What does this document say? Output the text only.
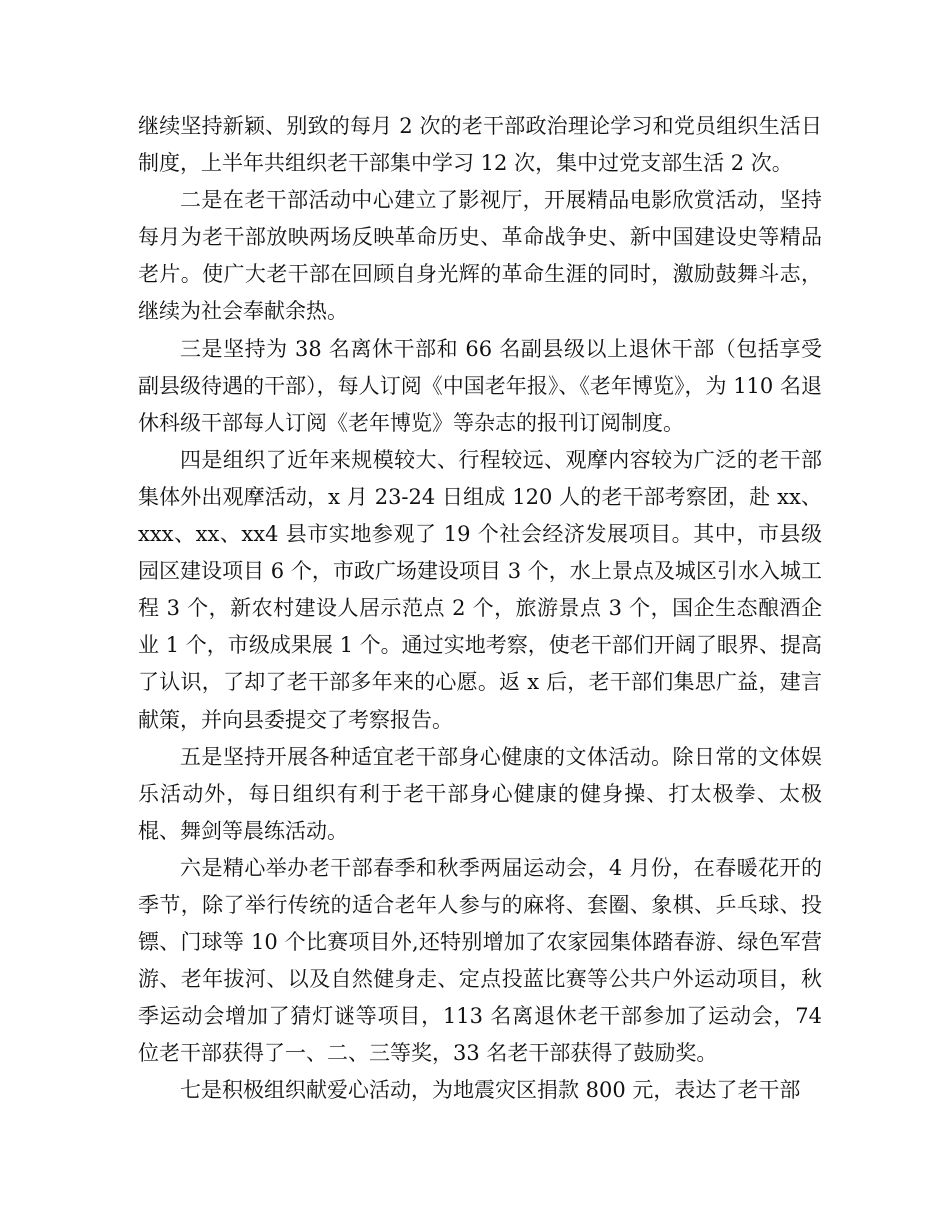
继续坚持新颖、别致的每月 2 次的老干部政治理论学习和党员组织生活日制度，上半年共组织老干部集中学习 12 次，集中过党支部生活 2 次。

二是在老干部活动中心建立了影视厅，开展精品电影欣赏活动，坚持每月为老干部放映两场反映革命历史、革命战争史、新中国建设史等精品老片。使广大老干部在回顾自身光辉的革命生涯的同时，激励鼓舞斗志，继续为社会奉献余热。

三是坚持为 38 名离休干部和 66 名副县级以上退休干部（包括享受副县级待遇的干部），每人订阅《中国老年报》、《老年博览》，为 110 名退休科级干部每人订阅《老年博览》等杂志的报刊订阅制度。

四是组织了近年来规模较大、行程较远、观摩内容较为广泛的老干部集体外出观摩活动，x 月 23-24 日组成 120 人的老干部考察团，赴 xx、xxx、xx、xx4 县市实地参观了 19 个社会经济发展项目。其中，市县级园区建设项目 6 个，市政广场建设项目 3 个，水上景点及城区引水入城工程 3 个，新农村建设人居示范点 2 个，旅游景点 3 个，国企生态酿酒企业 1 个，市级成果展 1 个。通过实地考察，使老干部们开阔了眼界、提高了认识，了却了老干部多年来的心愿。返 x 后，老干部们集思广益，建言献策，并向县委提交了考察报告。

五是坚持开展各种适宜老干部身心健康的文体活动。除日常的文体娱乐活动外，每日组织有利于老干部身心健康的健身操、打太极拳、太极棍、舞剑等晨练活动。

六是精心举办老干部春季和秋季两届运动会，4 月份，在春暖花开的季节，除了举行传统的适合老年人参与的麻将、套圈、象棋、乒乓球、投镖、门球等 10 个比赛项目外,还特别增加了农家园集体踏春游、绿色军营游、老年拔河、以及自然健身走、定点投蓝比赛等公共户外运动项目，秋季运动会增加了猜灯谜等项目，113 名离退休老干部参加了运动会，74 位老干部获得了一、二、三等奖，33 名老干部获得了鼓励奖。

七是积极组织献爱心活动，为地震灾区捐款 800 元，表达了老干部
